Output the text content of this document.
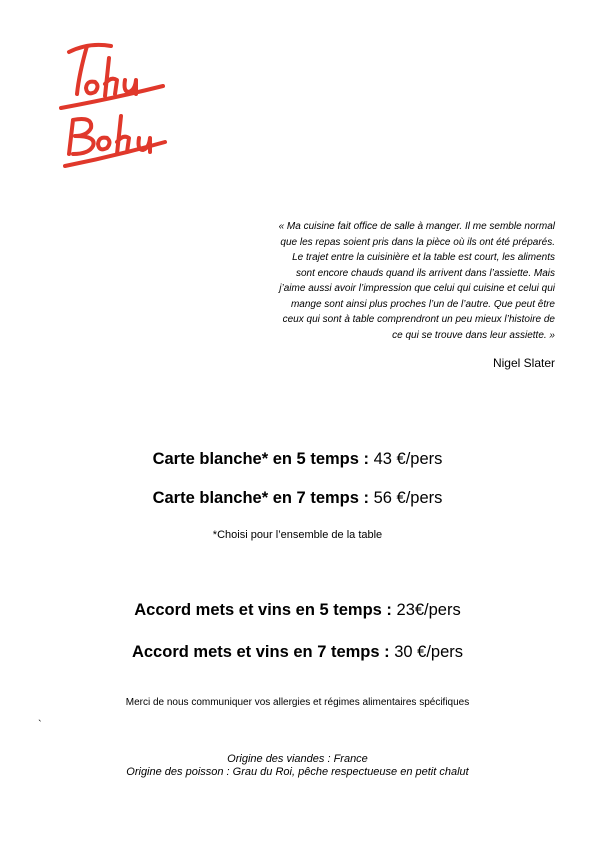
« Ma cuisine fait office de salle à manger. Il me semble normal
que les repas soient pris dans la pièce où ils ont été préparés.
Le trajet entre la cuisinière et la table est court, les aliments
sont encore chauds quand ils arrivent dans l’assiette. Mais
j’aime aussi avoir l’impression que celui qui cuisine et celui qui
mange sont ainsi plus proches l’un de l’autre. Que peut être
ceux qui sont à table comprendront un peu mieux l’histoire de
ce qui se trouve dans leur assiette. »
Nigel Slater
Carte blanche* en 5 temps : 43 €/pers
Carte blanche* en 7 temps : 56 €/pers
*Choisi pour l’ensemble de la table
Accord mets et vins en 5 temps : 23€/pers
Accord mets et vins en 7 temps : 30 €/pers
Merci de nous communiquer vos allergies et régimes alimentaires spécifiques
`
Origine des viandes : France
Origine des poisson : Grau du Roi, pêche respectueuse en petit chalut
